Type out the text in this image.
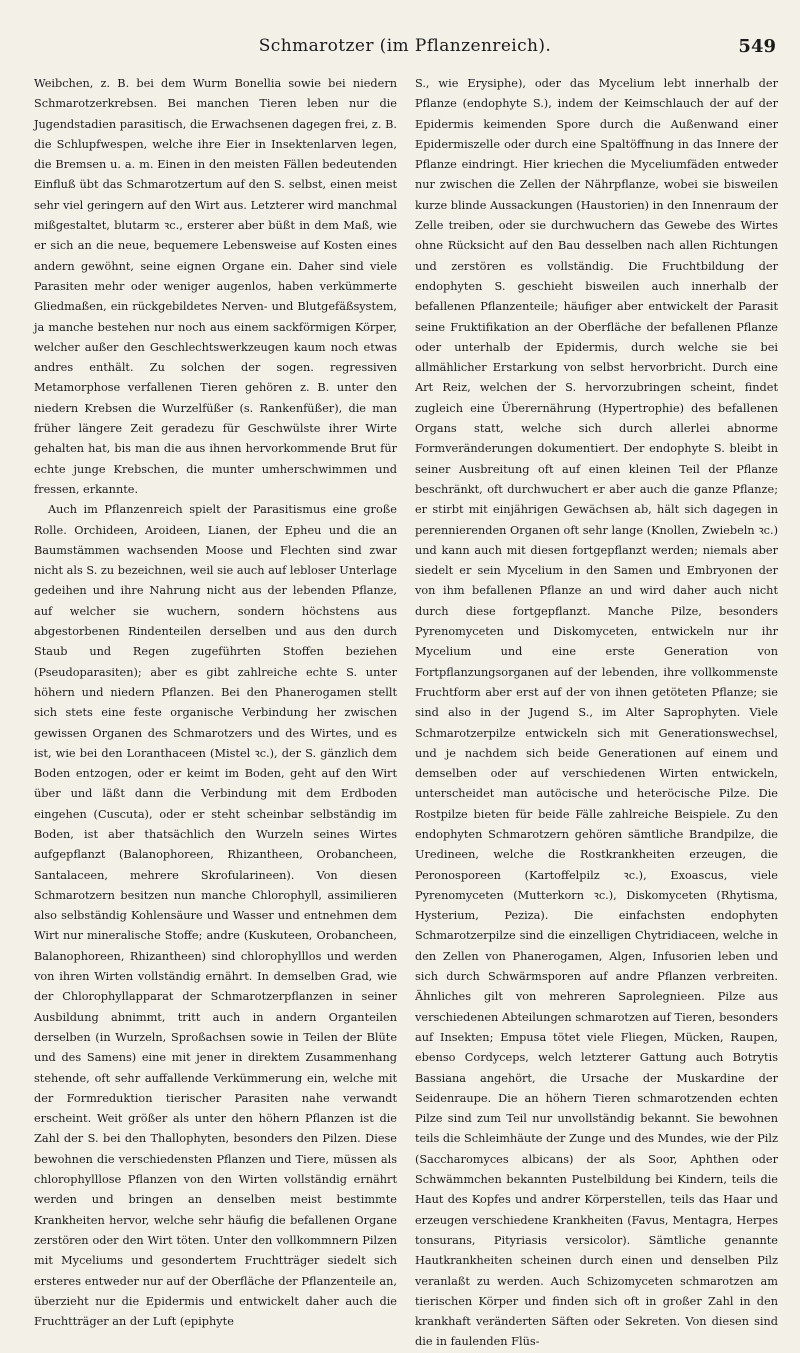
Schmarotzer (im Pflanzenreich).	549

Weibchen, z. B. bei dem Wurm Bonellia sowie bei niedern Schmarotzerkrebsen. Bei manchen Tieren leben nur die Jugendstadien parasitisch, die Erwachsenen dagegen frei, z. B. die Schlupfwespen, welche ihre Eier in Insektenlarven legen, die Bremsen u. a. m. Einen in den meisten Fällen bedeutenden Einfluß übt das Schmarotzertum auf den S. selbst, einen meist sehr viel geringern auf den Wirt aus. Letzterer wird manchmal mißgestaltet, blutarm ꝛc., ersterer aber büßt in dem Maß, wie er sich an die neue, bequemere Lebensweise auf Kosten eines andern gewöhnt, seine eignen Organe ein. Daher sind viele Parasiten mehr oder weniger augenlos, haben verkümmerte Gliedmaßen, ein rückgebildetes Nerven- und Blutgefäßsystem, ja manche bestehen nur noch aus einem sackförmigen Körper, welcher außer den Geschlechtswerkzeugen kaum noch etwas andres enthält. Zu solchen der sogen. regressiven Metamorphose verfallenen Tieren gehören z. B. unter den niedern Krebsen die Wurzelfüßer (s. Rankenfüßer), die man früher längere Zeit geradezu für Geschwülste ihrer Wirte gehalten hat, bis man die aus ihnen hervorkommende Brut für echte junge Krebschen, die munter umherschwimmen und fressen, erkannte.

Auch im Pflanzenreich spielt der Parasitismus eine große Rolle. Orchideen, Aroideen, Lianen, der Epheu und die an Baumstämmen wachsenden Moose und Flechten sind zwar nicht als S. zu bezeichnen, weil sie auch auf lebloser Unterlage gedeihen und ihre Nahrung nicht aus der lebenden Pflanze, auf welcher sie wuchern, sondern höchstens aus abgestorbenen Rindenteilen derselben und aus den durch Staub und Regen zugeführten Stoffen beziehen (Pseudoparasiten); aber es gibt zahlreiche echte S. unter höhern und niedern Pflanzen. Bei den Phanerogamen stellt sich stets eine feste organische Verbindung her zwischen gewissen Organen des Schmarotzers und des Wirtes, und es ist, wie bei den Loranthaceen (Mistel ꝛc.), der S. gänzlich dem Boden entzogen, oder er keimt im Boden, geht auf den Wirt über und läßt dann die Verbindung mit dem Erdboden eingehen (Cuscuta), oder er steht scheinbar selbständig im Boden, ist aber thatsächlich den Wurzeln seines Wirtes aufgepflanzt (Balanophoreen, Rhizantheen, Orobancheen, Santalaceen, mehrere Skrofularineen). Von diesen Schmarotzern besitzen nun manche Chlorophyll, assimilieren also selbständig Kohlensäure und Wasser und entnehmen dem Wirt nur mineralische Stoffe; andre (Kuskuteen, Orobancheen, Balanophoreen, Rhizantheen) sind chlorophylllos und werden von ihren Wirten vollständig ernährt. In demselben Grad, wie der Chlorophyllapparat der Schmarotzerpflanzen in seiner Ausbildung abnimmt, tritt auch in andern Organteilen derselben (in Wurzeln, Sproßachsen sowie in Teilen der Blüte und des Samens) eine mit jener in direktem Zusammenhang stehende, oft sehr auffallende Verkümmerung ein, welche mit der Formreduktion tierischer Parasiten nahe verwandt erscheint. Weit größer als unter den höhern Pflanzen ist die Zahl der S. bei den Thallophyten, besonders den Pilzen. Diese bewohnen die verschiedensten Pflanzen und Tiere, müssen als chlorophylllose Pflanzen von den Wirten vollständig ernährt werden und bringen an denselben meist bestimmte Krankheiten hervor, welche sehr häufig die befallenen Organe zerstören oder den Wirt töten. Unter den vollkommnern Pilzen mit Myceliums und gesondertem Fruchtträger siedelt sich ersteres entweder nur auf der Oberfläche der Pflanzenteile an, überzieht nur die Epidermis und entwickelt daher auch die Fruchtträger an der Luft (epiphyte

S., wie Erysiphe), oder das Mycelium lebt innerhalb der Pflanze (endophyte S.), indem der Keimschlauch der auf der Epidermis keimenden Spore durch die Außenwand einer Epidermiszelle oder durch eine Spaltöffnung in das Innere der Pflanze eindringt. Hier kriechen die Myceliumfäden entweder nur zwischen die Zellen der Nährpflanze, wobei sie bisweilen kurze blinde Aussackungen (Haustorien) in den Innenraum der Zelle treiben, oder sie durchwuchern das Gewebe des Wirtes ohne Rücksicht auf den Bau desselben nach allen Richtungen und zerstören es vollständig. Die Fruchtbildung der endophyten S. geschieht bisweilen auch innerhalb der befallenen Pflanzenteile; häufiger aber entwickelt der Parasit seine Fruktifikation an der Oberfläche der befallenen Pflanze oder unterhalb der Epidermis, durch welche sie bei allmählicher Erstarkung von selbst hervorbricht. Durch eine Art Reiz, welchen der S. hervorzubringen scheint, findet zugleich eine Überernährung (Hypertrophie) des befallenen Organs statt, welche sich durch allerlei abnorme Formveränderungen dokumentiert. Der endophyte S. bleibt in seiner Ausbreitung oft auf einen kleinen Teil der Pflanze beschränkt, oft durchwuchert er aber auch die ganze Pflanze; er stirbt mit einjährigen Gewächsen ab, hält sich dagegen in perennierenden Organen oft sehr lange (Knollen, Zwiebeln ꝛc.) und kann auch mit diesen fortgepflanzt werden; niemals aber siedelt er sein Mycelium in den Samen und Embryonen der von ihm befallenen Pflanze an und wird daher auch nicht durch diese fortgepflanzt. Manche Pilze, besonders Pyrenomyceten und Diskomyceten, entwickeln nur ihr Mycelium und eine erste Generation von Fortpflanzungsorganen auf der lebenden, ihre vollkommenste Fruchtform aber erst auf der von ihnen getöteten Pflanze; sie sind also in der Jugend S., im Alter Saprophyten. Viele Schmarotzerpilze entwickeln sich mit Generationswechsel, und je nachdem sich beide Generationen auf einem und demselben oder auf verschiedenen Wirten entwickeln, unterscheidet man autöcische und heteröcische Pilze. Die Rostpilze bieten für beide Fälle zahlreiche Beispiele. Zu den endophyten Schmarotzern gehören sämtliche Brandpilze, die Uredineen, welche die Rostkrankheiten erzeugen, die Peronosporeen (Kartoffelpilz ꝛc.), Exoascus, viele Pyrenomyceten (Mutterkorn ꝛc.), Diskomyceten (Rhytisma, Hysterium, Peziza). Die einfachsten endophyten Schmarotzerpilze sind die einzelligen Chytridiaceen, welche in den Zellen von Phanerogamen, Algen, Infusorien leben und sich durch Schwärmsporen auf andre Pflanzen verbreiten. Ähnliches gilt von mehreren Saprolegnieen. Pilze aus verschiedenen Abteilungen schmarotzen auf Tieren, besonders auf Insekten; Empusa tötet viele Fliegen, Mücken, Raupen, ebenso Cordyceps, welch letzterer Gattung auch Botrytis Bassiana angehört, die Ursache der Muskardine der Seidenraupe. Die an höhern Tieren schmarotzenden echten Pilze sind zum Teil nur unvollständig bekannt. Sie bewohnen teils die Schleimhäute der Zunge und des Mundes, wie der Pilz (Saccharomyces albicans) der als Soor, Aphthen oder Schwämmchen bekannten Pustelbildung bei Kindern, teils die Haut des Kopfes und andrer Körperstellen, teils das Haar und erzeugen verschiedene Krankheiten (Favus, Mentagra, Herpes tonsurans, Pityriasis versicolor). Sämtliche genannte Hautkrankheiten scheinen durch einen und denselben Pilz veranlaßt zu werden. Auch Schizomyceten schmarotzen am tierischen Körper und finden sich oft in großer Zahl in den krankhaft veränderten Säften oder Sekreten. Von diesen sind die in faulenden Flüs-
